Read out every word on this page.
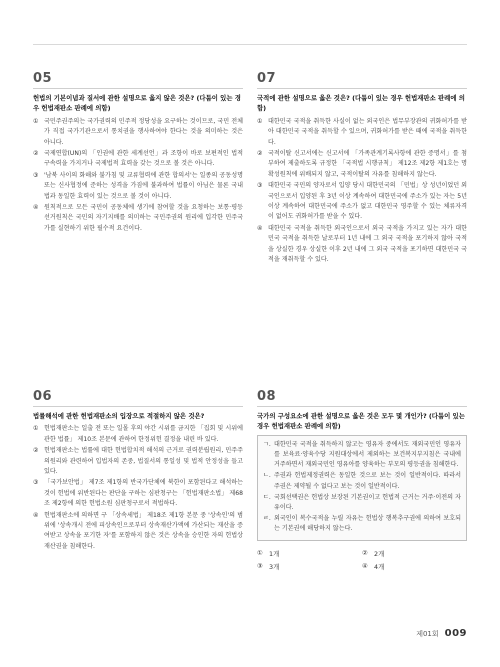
05
헌법의 기본이념과 질서에 관한 설명으로 옳지 않은 것은? (다툼이 있는 경우 헌법재판소 판례에 의함)
① 국민주권주의는 국가권력의 민주적 정당성을 요구하는 것이므로, 국민 전체가 직접 국가기관으로서 통치권을 행사하여야 한다는 것을 의미하는 것은 아니다.
② 국제연합(UN)의 「인권에 관한 세계선언」과 조항이 바로 보편적인 법적 구속력을 가지거나 국제법적 효력을 갖는 것으로 볼 것은 아니다.
③ '남북 사이의 화해와 불가침 및 교류협력에 관한 합의서'는 일종의 공동성명 또는 신사협정에 준하는 성격을 가짐에 불과하여 법률이 아님은 물론 국내법과 동일한 효력이 있는 것으로 볼 것이 아니다.
④ 원칙적으로 모든 국민이 공동체에 생기에 참여할 것을 요청하는 보통·평등선거원칙은 국민의 자기지배를 의미하는 국민주권의 원리에 입각한 민주국가를 실현하기 위한 필수적 요건이다.
07
국적에 관한 설명으로 옳은 것은? (다툼이 있는 경우 헌법재판소 판례에 의함)
① 대한민국 국적을 취득한 사실이 없는 외국인은 법무부장관의 귀화허가를 받아 대한민국 국적을 취득할 수 있으며, 귀화허가를 받은 때에 국적을 취득한다.
② 국적이탈 신고서에는 신고서에 「가족관계기록사항에 관한 증명서」를 첨부하여 제출하도록 규정한 「국적법 시행규칙」 제12조 제2항 제1호는 명확성원칙에 위배되지 않고, 국적이탈의 자유를 침해하지 않는다.
③ 대한민국 국민의 양자로서 입양 당시 대한민국의 「민법」상 성년이었던 외국인으로서 입양된 후 3년 이상 계속하여 대한민국에 주소가 있는 자는 5년 이상 계속하여 대한민국에 주소가 없고 대한민국 영주할 수 있는 체류자격이 없어도 귀화허가를 받을 수 있다.
④ 대한민국 국적을 취득한 외국인으로서 외국 국적을 가지고 있는 자가 대한민국 국적을 취득한 날로부터 1년 내에 그 외국 국적을 포기하지 않아 국적을 상실한 경우 상실한 이후 2년 내에 그 외국 국적을 포기하면 대한민국 국적을 재취득할 수 있다.
06
법률해석에 관한 헌법재판소의 입장으로 적절하지 않은 것은?
① 헌법재판소는 일출 전 또는 일몰 후의 야간 시위를 금지한 「집회 및 시위에 관한 법률」 제10조 본문에 관하여 한정위헌 결정을 내린 바 있다.
② 헌법재판소는 법률에 대한 헌법합치적 해석의 근거로 권력분립원리, 민주주의원리와 관련하여 입법자의 존중, 법질서의 통일성 및 법적 안정성을 들고 있다.
③ 「국가보안법」 제7조 제1항의 반국가단체에 북한이 포함된다고 해석하는 것이 헌법에 위반된다는 판단을 구하는 심판청구는 「헌법재판소법」 제68조 제2항에 의한 헌법소원 심판청구로서 적법하다.
④ 헌법재판소에 의하면 구 「상속세법」 제18조 제1항 본문 중 '상속인'의 범위에 '상속개시 전에 피상속인으로부터 상속재산가액에 가산되는 재산을 증여받고 상속을 포기한 자'를 포함하지 않은 것은 상속을 승인한 자의 헌법상 재산권을 침해한다.
08
국가의 구성요소에 관한 설명으로 옳은 것은 모두 몇 개인가? (다툼이 있는 경우 헌법재판소 판례에 의함)
ㄱ. 대한민국 국적을 취득하지 않고는 영유자 중에서도 재외국민인 영유자를 보육료·양육수당 지원대상에서 제외하는 보건복지부지침은 국내에 거주하면서 재외국민인 영유아를 양육하는 부모의 평등권을 침해한다.
ㄴ. 주권과 헌법제정권력은 동일한 것으로 보는 것이 일반적이다. 따라서 주권은 제약될 수 없다고 보는 것이 일반적이다.
ㄷ. 국회선택권은 헌법상 보장된 기본권이고 헌법적 근거는 거주·이전의 자유이다.
ㄹ. 외국인이 복수국적을 누릴 자유는 헌법상 행복추구권에 의하여 보호되는 기본권에 해당하지 않는다.
① 1개	② 2개
③ 3개	④ 4개
제01회 009
